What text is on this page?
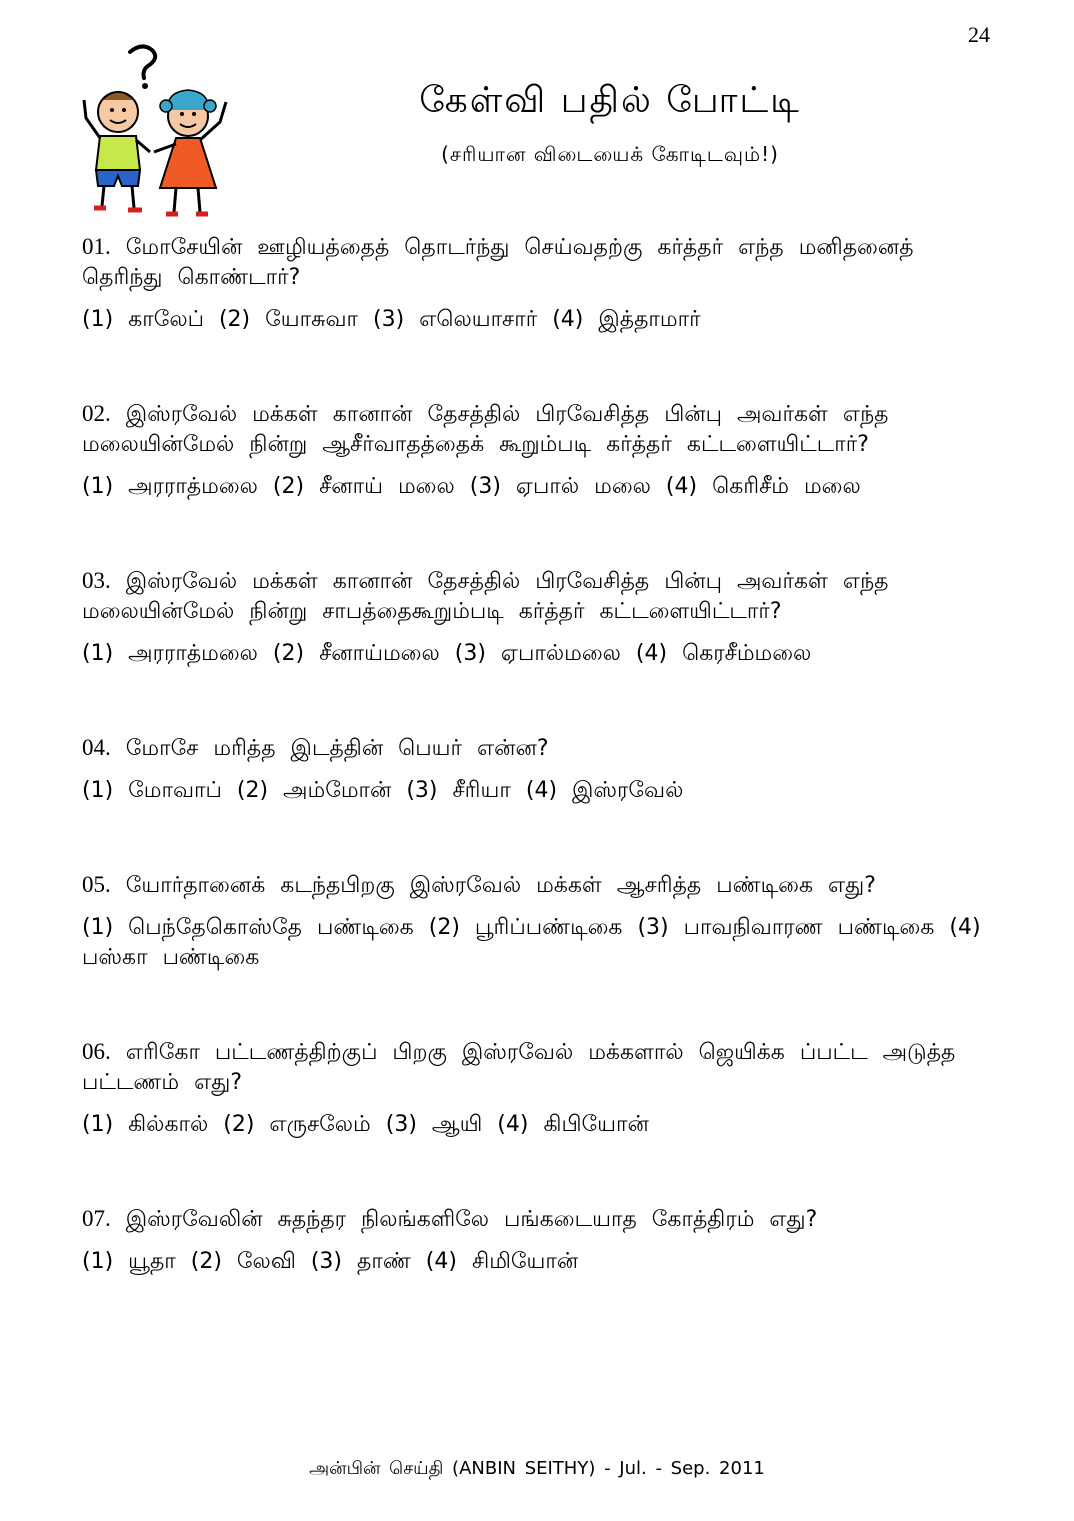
24
கேள்வி பதில் போட்டி
(சரியான விடையைக் கோடிடவும்!)

01. மோசேயின் ஊழியத்தைத் தொடர்ந்து செய்வதற்கு கர்த்தர் எந்த மனிதனைத் தெரிந்து கொண்டார்?

(1) காலேப் (2) யோசுவா (3) எலெயாசார் (4) இத்தாமார்

02. இஸ்ரவேல் மக்கள் கானான் தேசத்தில் பிரவேசித்த பின்பு அவர்கள் எந்த மலையின்மேல் நின்று ஆசீர்வாதத்தைக் கூறும்படி கர்த்தர் கட்டளையிட்டார்?

(1) அரராத்மலை (2) சீனாய் மலை (3) ஏபால் மலை (4) கெரிசீம் மலை

03. இஸ்ரவேல் மக்கள் கானான் தேசத்தில் பிரவேசித்த பின்பு அவர்கள் எந்த மலையின்மேல் நின்று சாபத்தைகூறும்படி கர்த்தர் கட்டளையிட்டார்?

(1) அரராத்மலை (2) சீனாய்மலை (3) ஏபால்மலை (4) கெரசீம்மலை

04. மோசே மரித்த இடத்தின் பெயர் என்ன?

(1) மோவாப் (2) அம்மோன் (3) சீரியா (4) இஸ்ரவேல்

05. யோர்தானைக் கடந்தபிறகு இஸ்ரவேல் மக்கள் ஆசரித்த பண்டிகை எது?

(1) பெந்தேகொஸ்தே பண்டிகை (2) பூரிப்பண்டிகை (3) பாவநிவாரண பண்டிகை (4) பஸ்கா பண்டிகை

06. எரிகோ பட்டணத்திற்குப் பிறகு இஸ்ரவேல் மக்களால் ஜெயிக்க ப்பட்ட அடுத்த பட்டணம் எது?

(1) கில்கால் (2) எருசலேம் (3) ஆயி (4) கிபியோன்

07. இஸ்ரவேலின் சுதந்தர நிலங்களிலே பங்கடையாத கோத்திரம் எது?

(1) யூதா (2) லேவி (3) தாண் (4) சிமியோன்

அன்பின் செய்தி (ANBIN SEITHY) - Jul. - Sep. 2011
